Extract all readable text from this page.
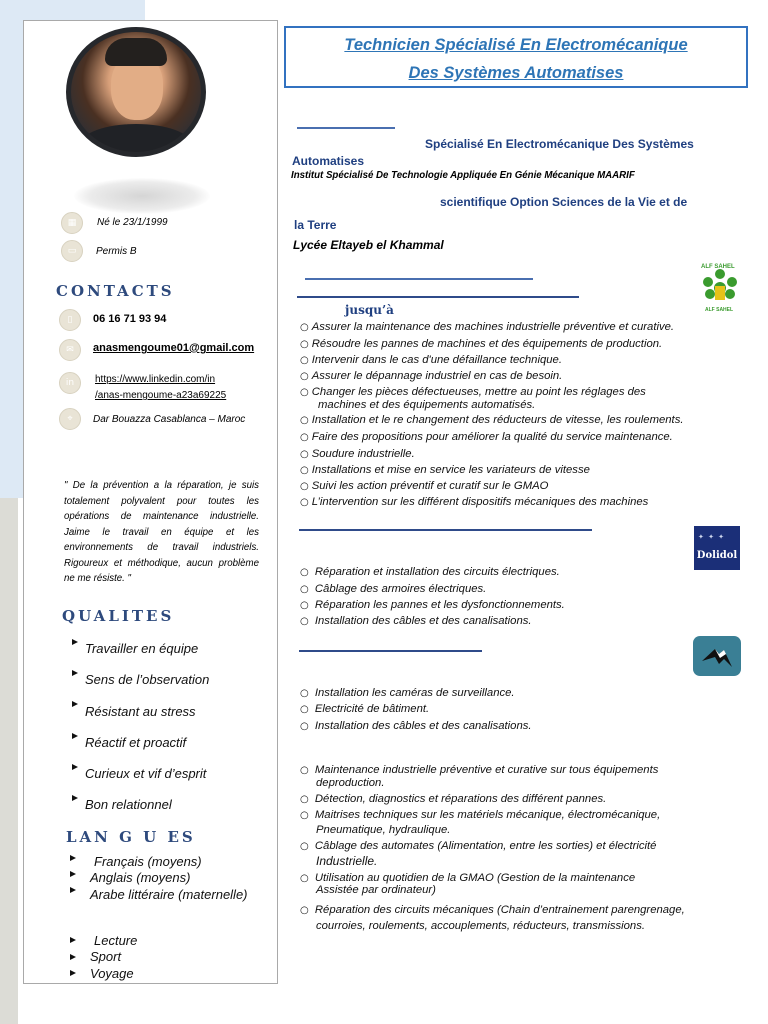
▦	Né le 23/1/1999
▭	Permis B
CONTACTS
▯	06 16 71 93 94
✉	anasmengoume01@gmail.com
in	https://www.linkedin.com/in
/anas-mengoume-a23a69225
⌖	Dar Bouazza Casablanca – Maroc
" De la prévention a la réparation, je suis totalement polyvalent pour toutes les opérations de maintenance industrielle. Jaime le travail en équipe et les environnements de travail industriels. Rigoureux et méthodique, aucun problème ne me résiste. "
QUALITES
Travailler en équipe
Sens de l’observation
Résistant au stress
Réactif et proactif
Curieux et vif d’esprit
Bon relationnel
LAN G U ES
Français (moyens)
Anglais (moyens)
Arabe littéraire (maternelle)
Lecture
Sport
Voyage
Technicien Spécialisé En Electromécanique
Des Systèmes Automatises
Spécialisé En Electromécanique Des Systèmes
Automatises
Institut Spécialisé De Technologie Appliquée En Génie Mécanique MAARIF
scientifique Option Sciences de la Vie et de
la Terre
Lycée Eltayeb el Khammal
jusqu’à
ALF SAHEL
ALF SAHEL
○ Assurer la maintenance des machines industrielle préventive et curative.
○ Résoudre les pannes de machines et des équipements de production.
○ Intervenir dans le cas d'une défaillance technique.
○ Assurer le dépannage industriel en cas de besoin.
○ Changer les pièces défectueuses, mettre au point les réglages des
machines et des équipements automatisés.
○ Installation et le re changement des réducteurs de vitesse, les roulements.
○ Faire des propositions pour améliorer la qualité du service maintenance.
○ Soudure industrielle.
○ Installations et mise en service les variateurs de vitesse
○ Suivi les action préventif et curatif sur le GMAO
○ L’intervention sur les différent dispositifs mécaniques des machines
✦ ✦ ✦
Dolidol
○ Réparation et installation des circuits électriques.
○ Câblage des armoires électriques.
○ Réparation les pannes et les dysfonctionnements.
○ Installation des câbles et des canalisations.
○ Installation les caméras de surveillance.
○ Electricité de bâtiment.
○ Installation des câbles et des canalisations.
○ Maintenance industrielle préventive et curative sur tous équipements
deproduction.
○ Détection, diagnostics et réparations des différent pannes.
○ Maitrises techniques sur les matériels mécanique, électromécanique,
Pneumatique, hydraulique.
○ Câblage des automates (Alimentation, entre les sorties) et électricité
Industrielle.
○ Utilisation au quotidien de la GMAO (Gestion de la maintenance
Assistée par ordinateur)
○ Réparation des circuits mécaniques (Chain d’entrainement parengrenage,
courroies, roulements, accouplements, réducteurs, transmissions.
